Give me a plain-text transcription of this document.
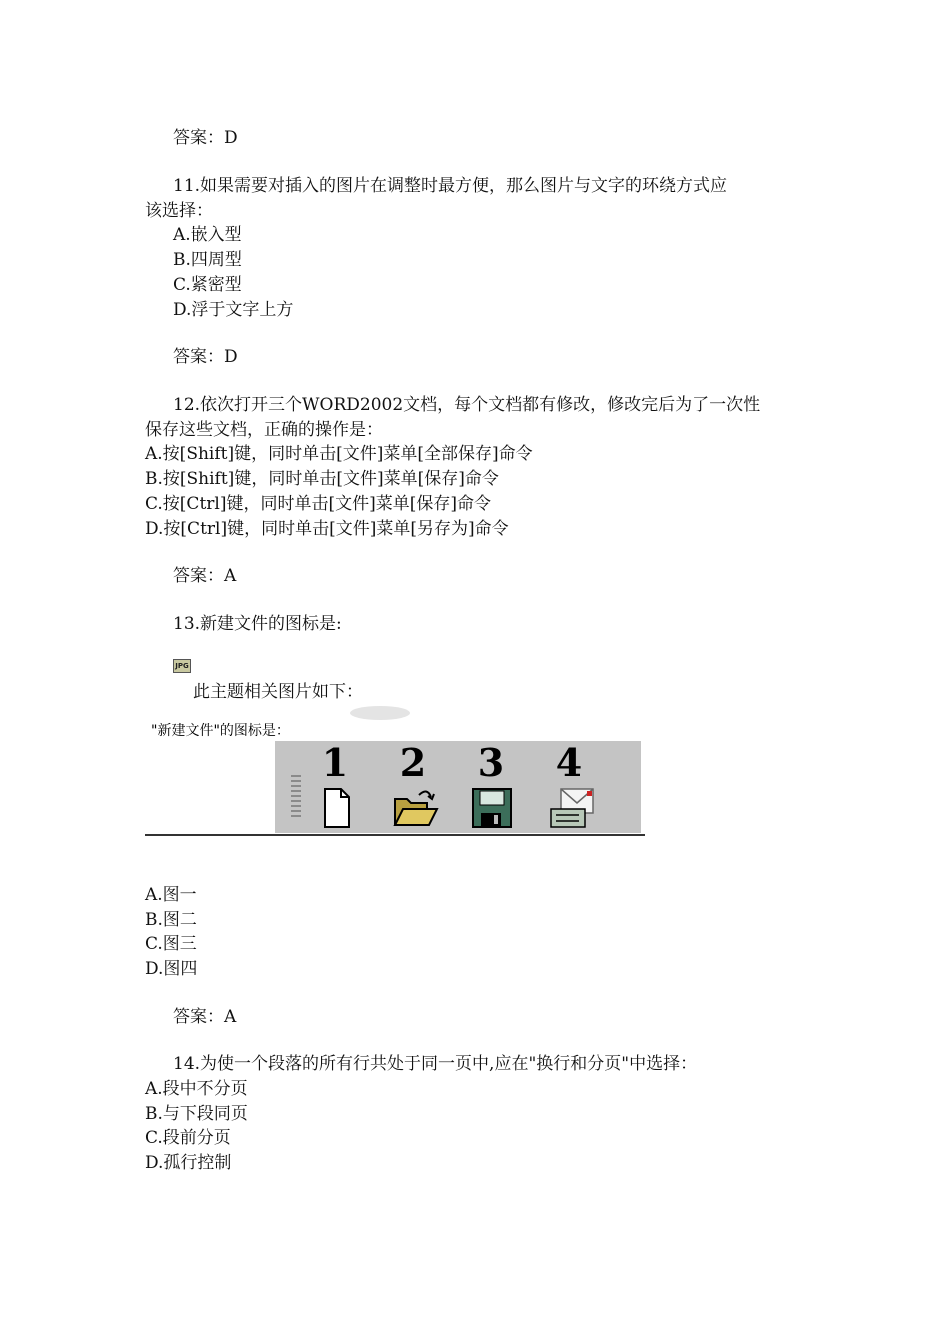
答案：D
11.如果需要对插入的图片在调整时最方便，那么图片与文字的环绕方式应
该选择：
A.嵌入型
B.四周型
C.紧密型
D.浮于文字上方
答案：D
12.依次打开三个WORD2002文档，每个文档都有修改，修改完后为了一次性
保存这些文档，正确的操作是：
A.按[Shift]键，同时单击[文件]菜单[全部保存]命令
B.按[Shift]键，同时单击[文件]菜单[保存]命令
C.按[Ctrl]键，同时单击[文件]菜单[保存]命令
D.按[Ctrl]键，同时单击[文件]菜单[另存为]命令
答案：A
13.新建文件的图标是:
JPG
此主题相关图片如下：
"新建文件"的图标是：
1	2	3	4
A.图一
B.图二
C.图三
D.图四
答案：A
14.为使一个段落的所有行共处于同一页中,应在"换行和分页"中选择：
A.段中不分页
B.与下段同页
C.段前分页
D.孤行控制
